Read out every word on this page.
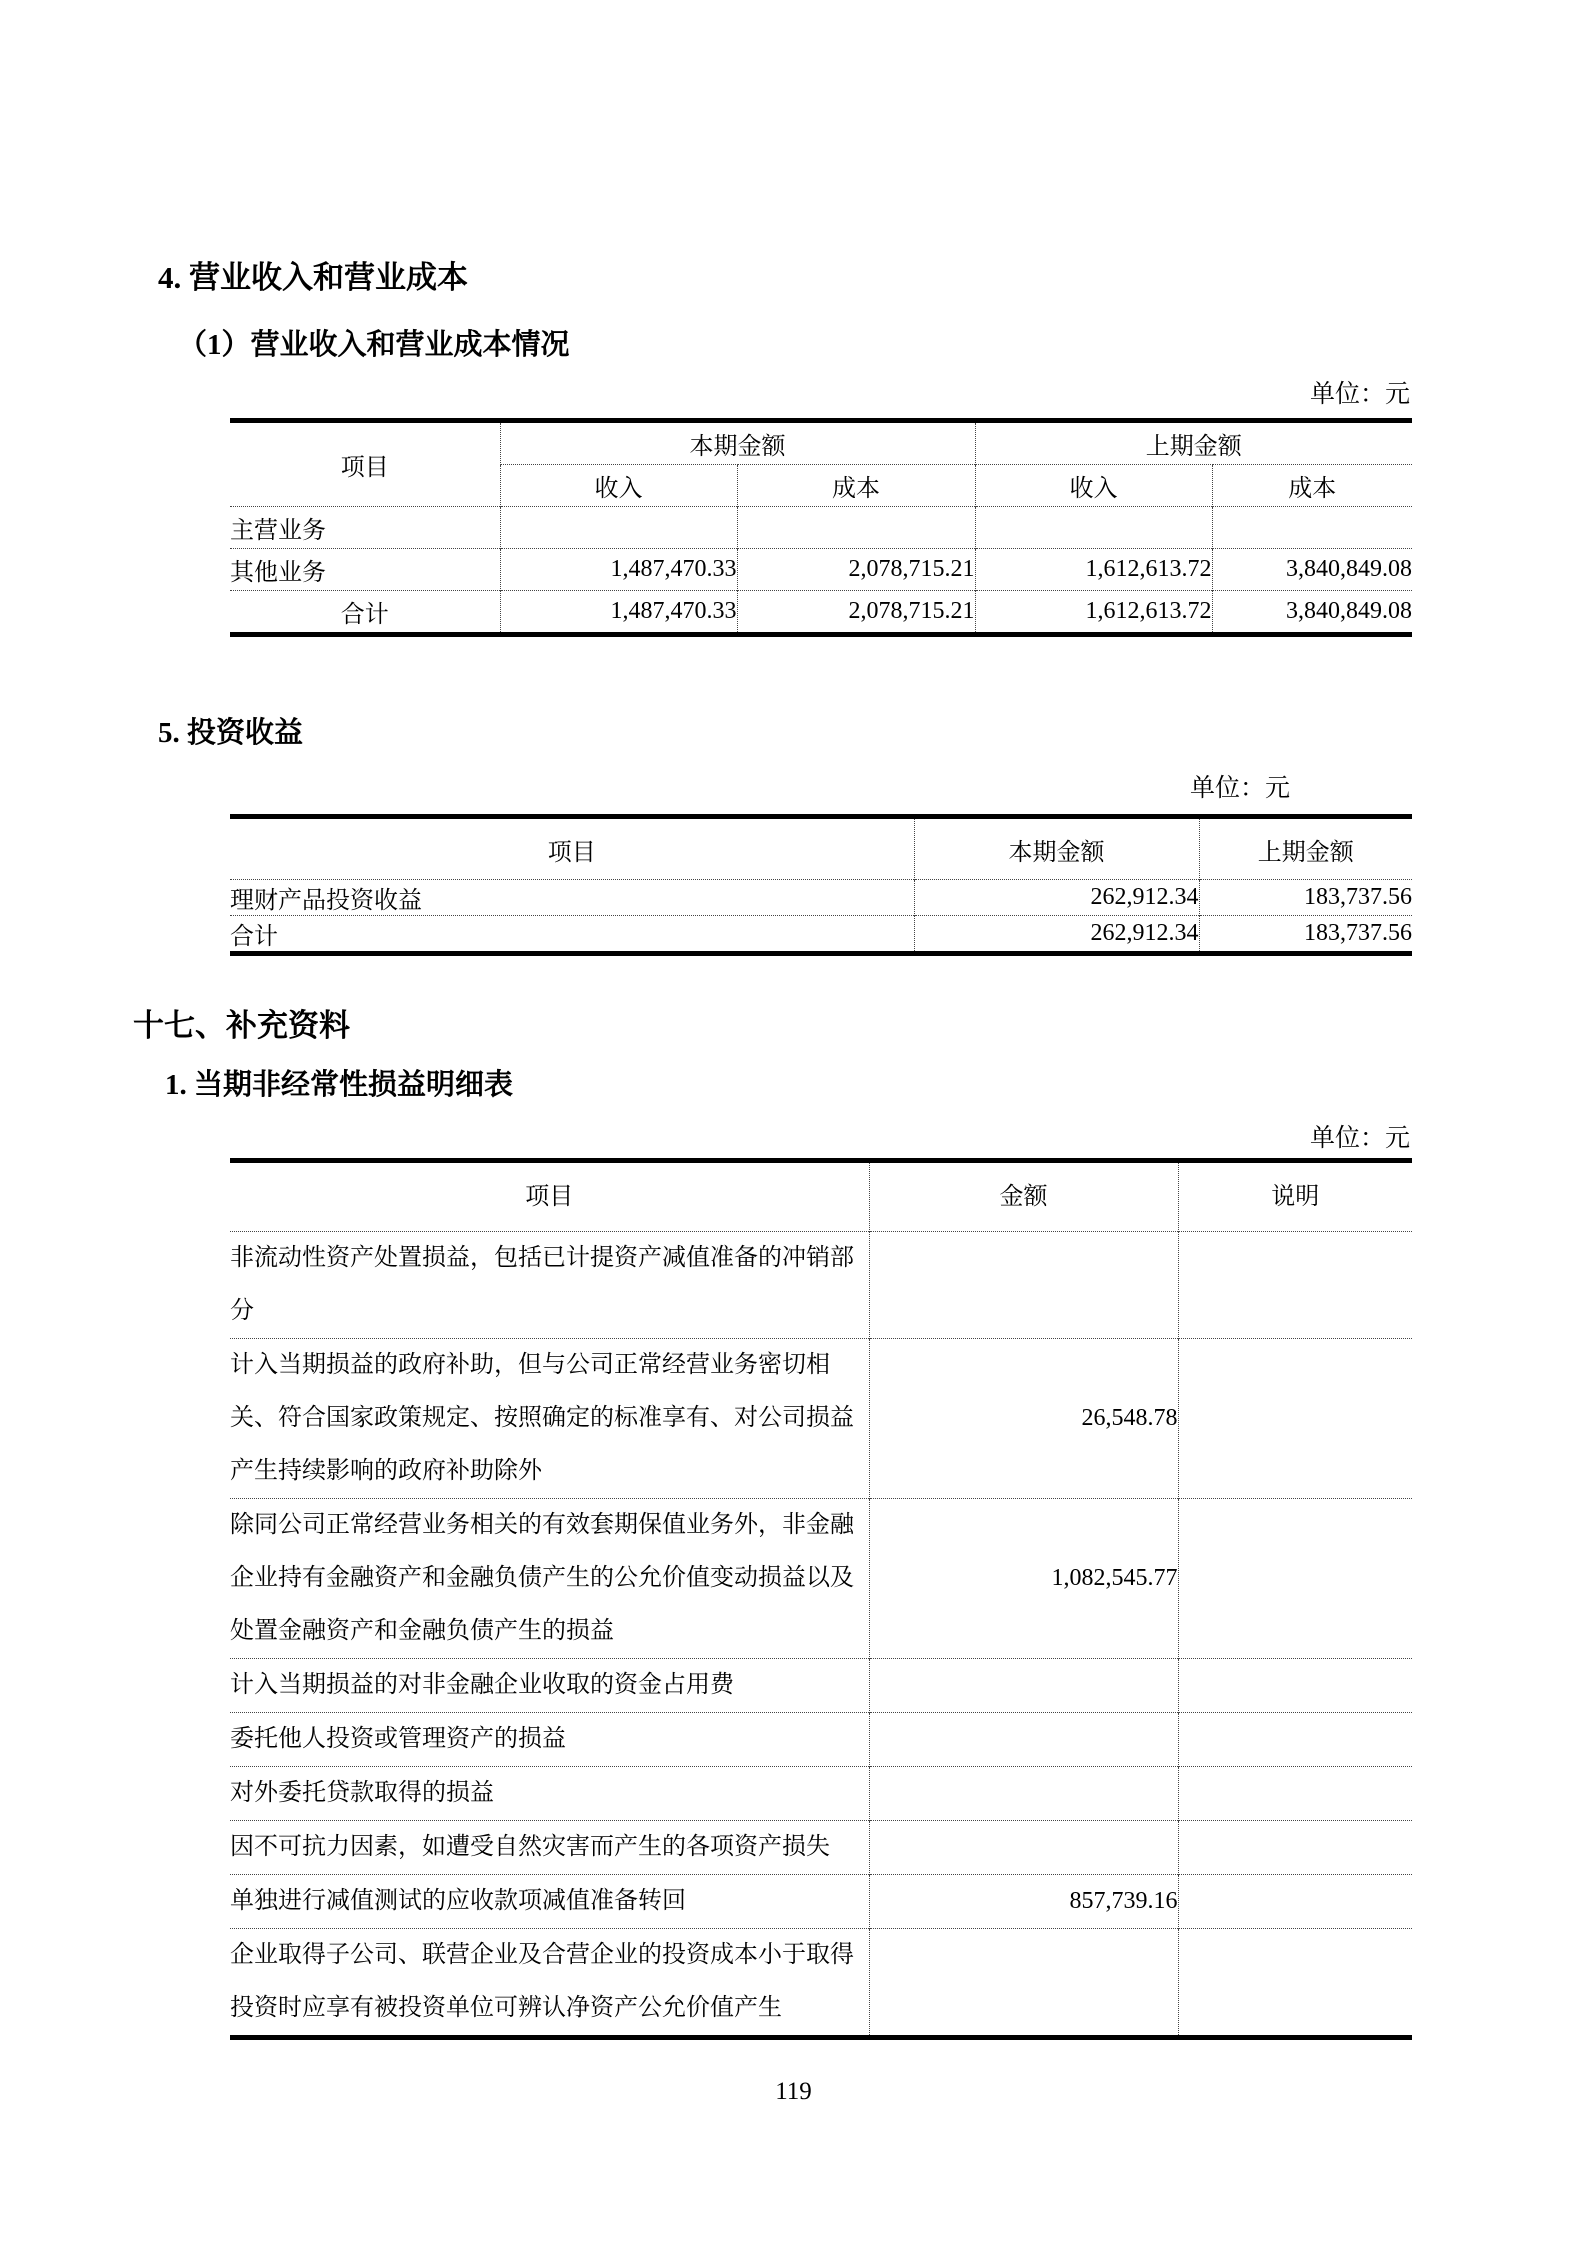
4. 营业收入和营业成本
（1）营业收入和营业成本情况
单位：元
项目	本期金额		上期金额	
	收入	成本	收入	成本
主营业务				
其他业务	1,487,470.33	2,078,715.21	1,612,613.72	3,840,849.08
合计	1,487,470.33	2,078,715.21	1,612,613.72	3,840,849.08
5. 投资收益
单位：元
项目	本期金额	上期金额
理财产品投资收益	262,912.34	183,737.56
合计	262,912.34	183,737.56
十七、补充资料
1. 当期非经常性损益明细表
单位：元
项目	金额	说明
非流动性资产处置损益，包括已计提资产减值准备的冲销部分		
计入当期损益的政府补助，但与公司正常经营业务密切相关、符合国家政策规定、按照确定的标准享有、对公司损益产生持续影响的政府补助除外	26,548.78	
除同公司正常经营业务相关的有效套期保值业务外，非金融企业持有金融资产和金融负债产生的公允价值变动损益以及处置金融资产和金融负债产生的损益	1,082,545.77	
计入当期损益的对非金融企业收取的资金占用费		
委托他人投资或管理资产的损益		
对外委托贷款取得的损益		
因不可抗力因素，如遭受自然灾害而产生的各项资产损失		
单独进行减值测试的应收款项减值准备转回	857,739.16	
企业取得子公司、联营企业及合营企业的投资成本小于取得投资时应享有被投资单位可辨认净资产公允价值产生		
119
